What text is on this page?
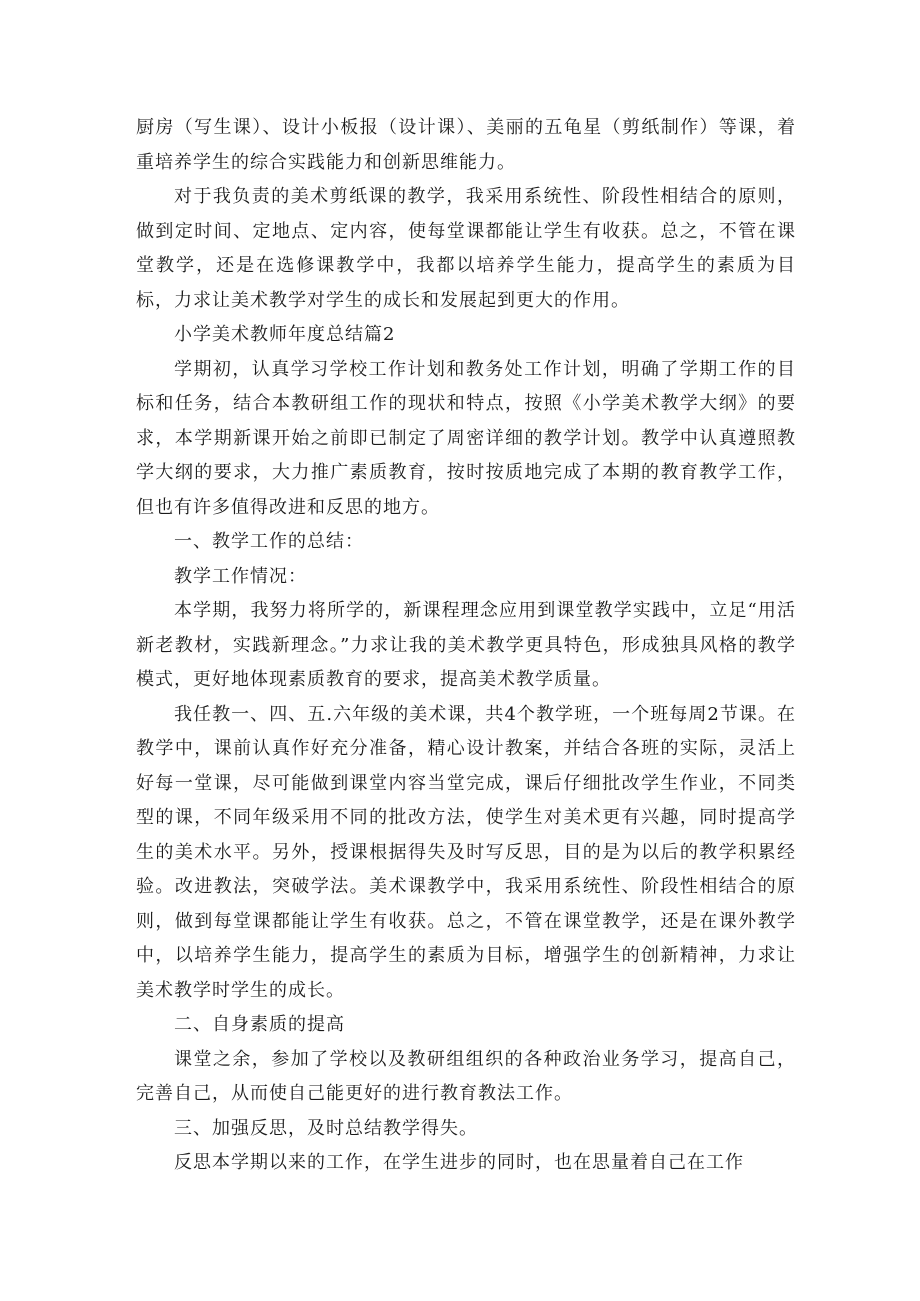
厨房（写生课）、设计小板报（设计课）、美丽的五龟星（剪纸制作）等课，着重培养学生的综合实践能力和创新思维能力。

对于我负责的美术剪纸课的教学，我采用系统性、阶段性相结合的原则，做到定时间、定地点、定内容，使每堂课都能让学生有收获。总之，不管在课堂教学，还是在选修课教学中，我都以培养学生能力，提高学生的素质为目标，力求让美术教学对学生的成长和发展起到更大的作用。

小学美术教师年度总结篇2

学期初，认真学习学校工作计划和教务处工作计划，明确了学期工作的目标和任务，结合本教研组工作的现状和特点，按照《小学美术教学大纲》的要求，本学期新课开始之前即已制定了周密详细的教学计划。教学中认真遵照教学大纲的要求，大力推广素质教育，按时按质地完成了本期的教育教学工作，但也有许多值得改进和反思的地方。

一、教学工作的总结：

教学工作情况：

本学期，我努力将所学的，新课程理念应用到课堂教学实践中，立足“用活新老教材，实践新理念。”力求让我的美术教学更具特色，形成独具风格的教学模式，更好地体现素质教育的要求，提高美术教学质量。

我任教一、四、五.六年级的美术课，共4个教学班，一个班每周2节课。在教学中，课前认真作好充分准备，精心设计教案，并结合各班的实际，灵活上好每一堂课，尽可能做到课堂内容当堂完成，课后仔细批改学生作业，不同类型的课，不同年级采用不同的批改方法，使学生对美术更有兴趣，同时提高学生的美术水平。另外，授课根据得失及时写反思，目的是为以后的教学积累经验。改进教法，突破学法。美术课教学中，我采用系统性、阶段性相结合的原则，做到每堂课都能让学生有收获。总之，不管在课堂教学，还是在课外教学中，以培养学生能力，提高学生的素质为目标，增强学生的创新精神，力求让美术教学时学生的成长。

二、自身素质的提高

课堂之余，参加了学校以及教研组组织的各种政治业务学习，提高自己，完善自己，从而使自己能更好的进行教育教法工作。

三、加强反思，及时总结教学得失。

反思本学期以来的工作，在学生进步的同时，也在思量着自己在工作
